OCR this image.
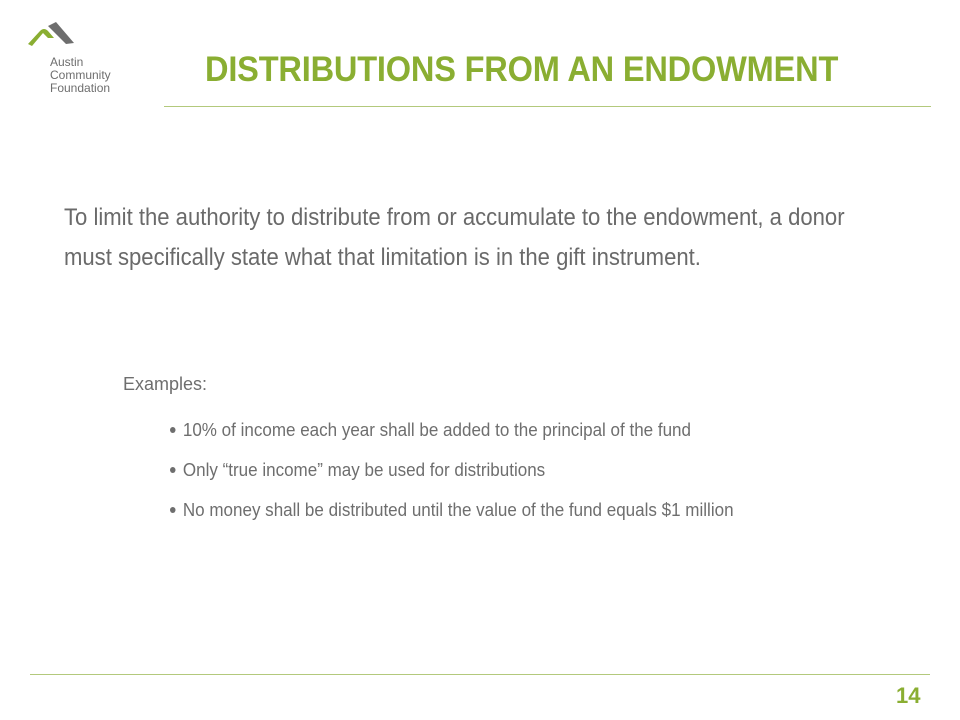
Austin
Community
Foundation	DISTRIBUTIONS FROM AN ENDOWMENT

To limit the authority to distribute from or accumulate to the endowment, a donor must specifically state what that limitation is in the gift instrument.

Examples:

10% of income each year shall be added to the principal of the fund
Only “true income” may be used for distributions
No money shall be distributed until the value of the fund equals $1 million

14
